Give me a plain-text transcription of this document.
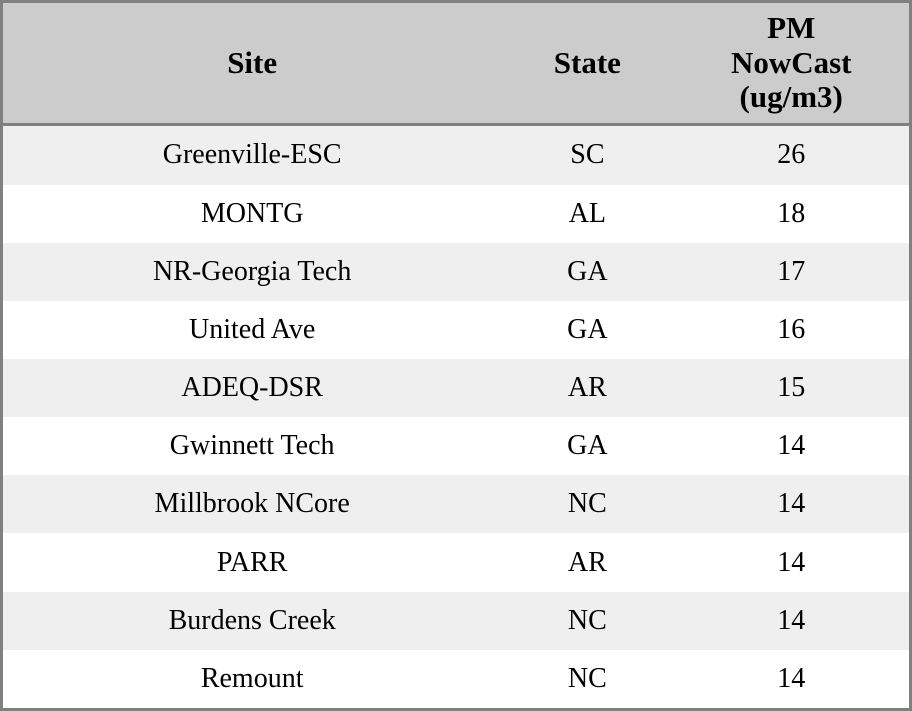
Site	State	PM
NowCast
(ug/m3)

Greenville-ESC	SC	26
MONTG	AL	18
NR-Georgia Tech	GA	17
United Ave	GA	16
ADEQ-DSR	AR	15
Gwinnett Tech	GA	14
Millbrook NCore	NC	14
PARR	AR	14
Burdens Creek	NC	14
Remount	NC	14
